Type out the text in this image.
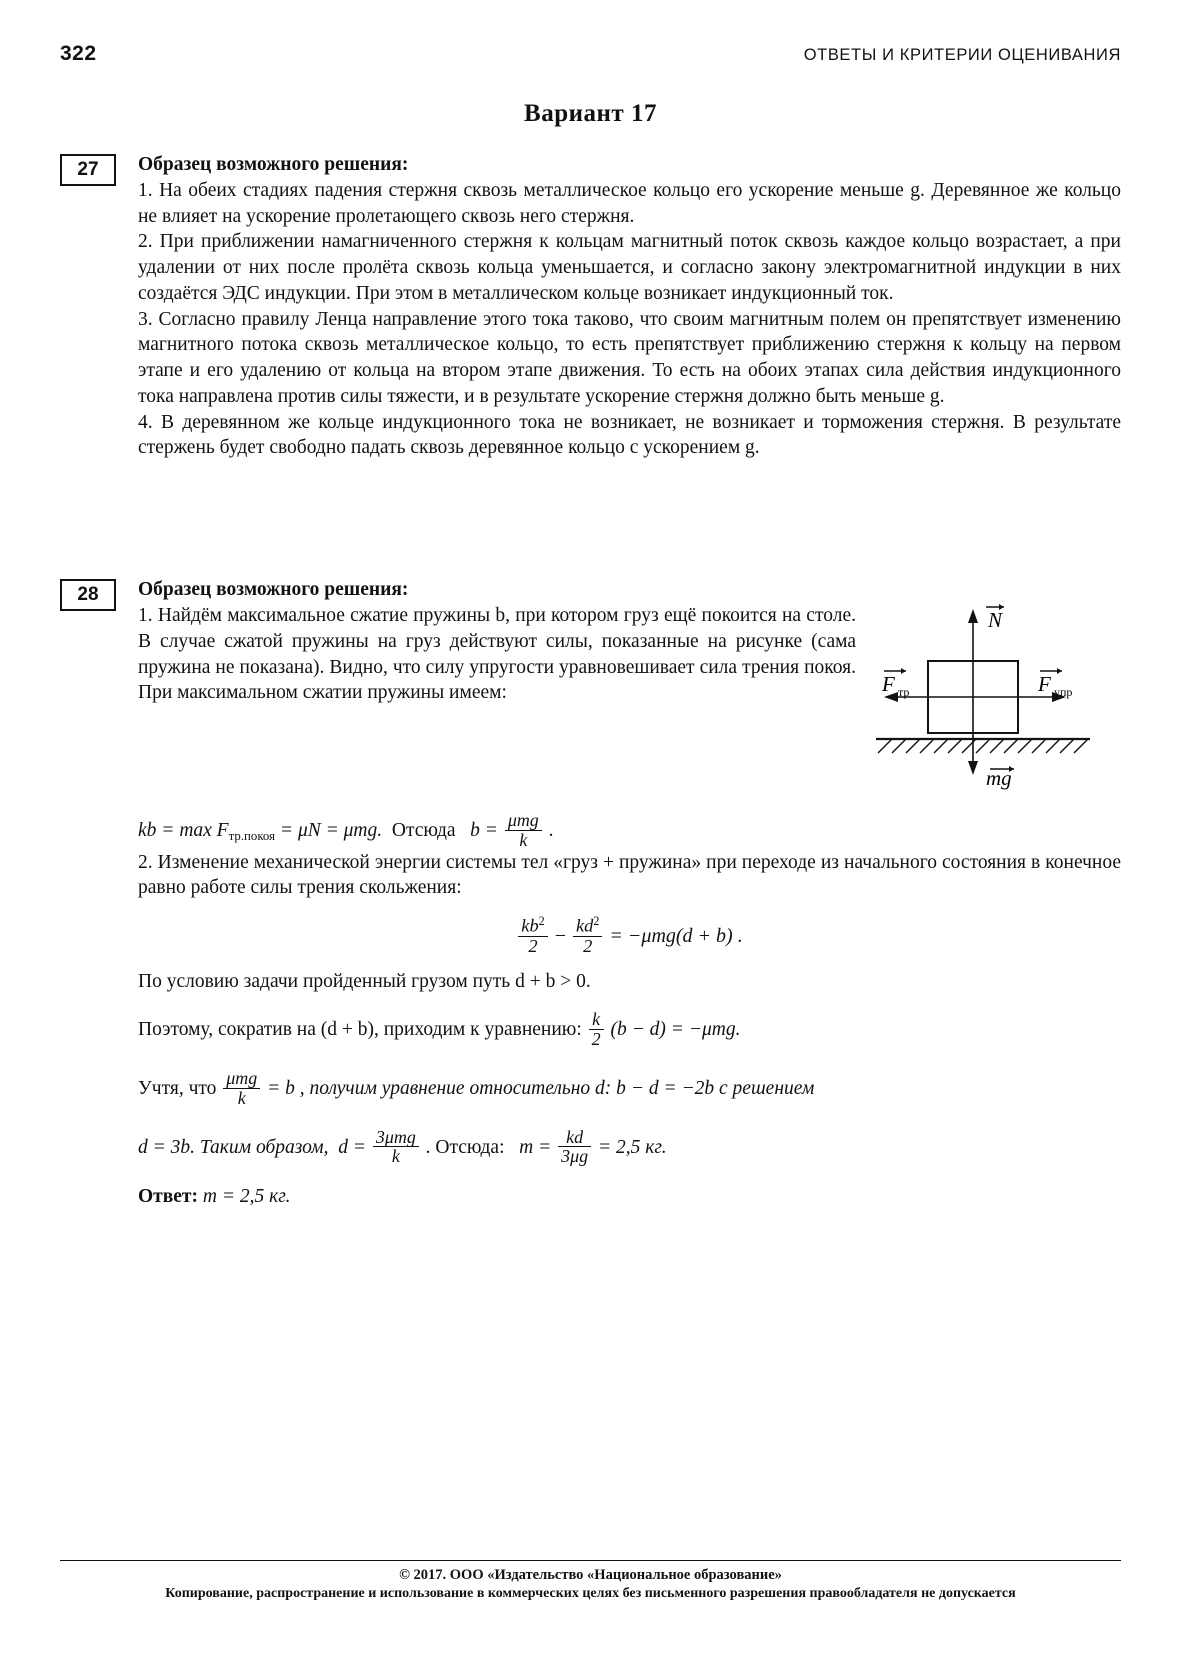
322	ОТВЕТЫ И КРИТЕРИИ ОЦЕНИВАНИЯ
Вариант 17
27	Образец возможного решения:

1. На обеих стадиях падения стержня сквозь металлическое кольцо его ускорение меньше g. Деревянное же кольцо не влияет на ускорение пролетающего сквозь него стержня.

2. При приближении намагниченного стержня к кольцам магнитный поток сквозь каждое кольцо возрастает, а при удалении от них после пролёта сквозь кольца уменьшается, и согласно закону электромагнитной индукции в них создаётся ЭДС индукции. При этом в металлическом кольце возникает индукционный ток.

3. Согласно правилу Ленца направление этого тока таково, что своим магнитным полем он препятствует изменению магнитного потока сквозь металлическое кольцо, то есть препятствует приближению стержня к кольцу на первом этапе и его удалению от кольца на втором этапе движения. То есть на обоих этапах сила действия индукционного тока направлена против силы тяжести, и в результате ускорение стержня должно быть меньше g.

4. В деревянном же кольце индукционного тока не возникает, не возникает и торможения стержня. В результате стержень будет свободно падать сквозь деревянное кольцо с ускорением g.

28	Образец возможного решения:

1. Найдём максимальное сжатие пружины b, при котором груз ещё покоится на столе. В случае сжатой пружины на груз действуют силы, показанные на рисунке (сама пружина не показана). Видно, что силу упругости уравновешивает сила трения покоя. При максимальном сжатии пружины имеем:

N
F тр	F упр
mg
kb = $\max F_{тр.покоя} = \mu N = \mu mg$. Отсюда $b = \frac{\text{μmg}}{k}$ .

2. Изменение механической энергии системы тел «груз + пружина» при переходе из начального состояния в конечное равно работе силы трения скольжения:

$\frac{kb^2}{2} - \frac{kd^2}{2} = -\mu mg(d + b)$ .

По условию задачи пройденный грузом путь d + b > 0.

Поэтому, сократив на (d + b), приходим к уравнению: $\frac{k}{2} (b - d) = -\mu mg$.
Учтя, что $\frac{\text{μmg}}{k} = b$ , получим уравнение относительно d: b − d = −2b с решением
d = 3b. Таким образом, $d = \frac{\text{3μmg}}{k}$ . Отсюда: $m = \frac{kd}{3\mu g} = 2,5$ кг.
Ответ: m = 2,5 кг.
© 2017. ООО «Издательство «Национальное образование»
Копирование, распространение и использование в коммерческих целях без письменного разрешения правообладателя не допускается
